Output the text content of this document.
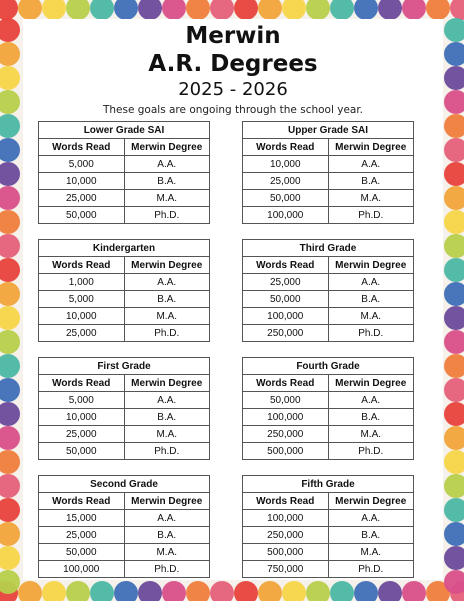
Merwin
A.R. Degrees
2025 - 2026
These goals are ongoing through the school year.
Lower Grade SAI	
Words Read	Merwin Degree
5,000	A.A.
10,000	B.A.
25,000	M.A.
50,000	Ph.D.
Upper Grade SAI	
Words Read	Merwin Degree
10,000	A.A.
25,000	B.A.
50,000	M.A.
100,000	Ph.D.
Kindergarten	
Words Read	Merwin Degree
1,000	A.A.
5,000	B.A.
10,000	M.A.
25,000	Ph.D.
Third Grade	
Words Read	Merwin Degree
25,000	A.A.
50,000	B.A.
100,000	M.A.
250,000	Ph.D.
First Grade	
Words Read	Merwin Degree
5,000	A.A.
10,000	B.A.
25,000	M.A.
50,000	Ph.D.
Fourth Grade	
Words Read	Merwin Degree
50,000	A.A.
100,000	B.A.
250,000	M.A.
500,000	Ph.D.
Second Grade	
Words Read	Merwin Degree
15,000	A.A.
25,000	B.A.
50,000	M.A.
100,000	Ph.D.
Fifth Grade	
Words Read	Merwin Degree
100,000	A.A.
250,000	B.A.
500,000	M.A.
750,000	Ph.D.
